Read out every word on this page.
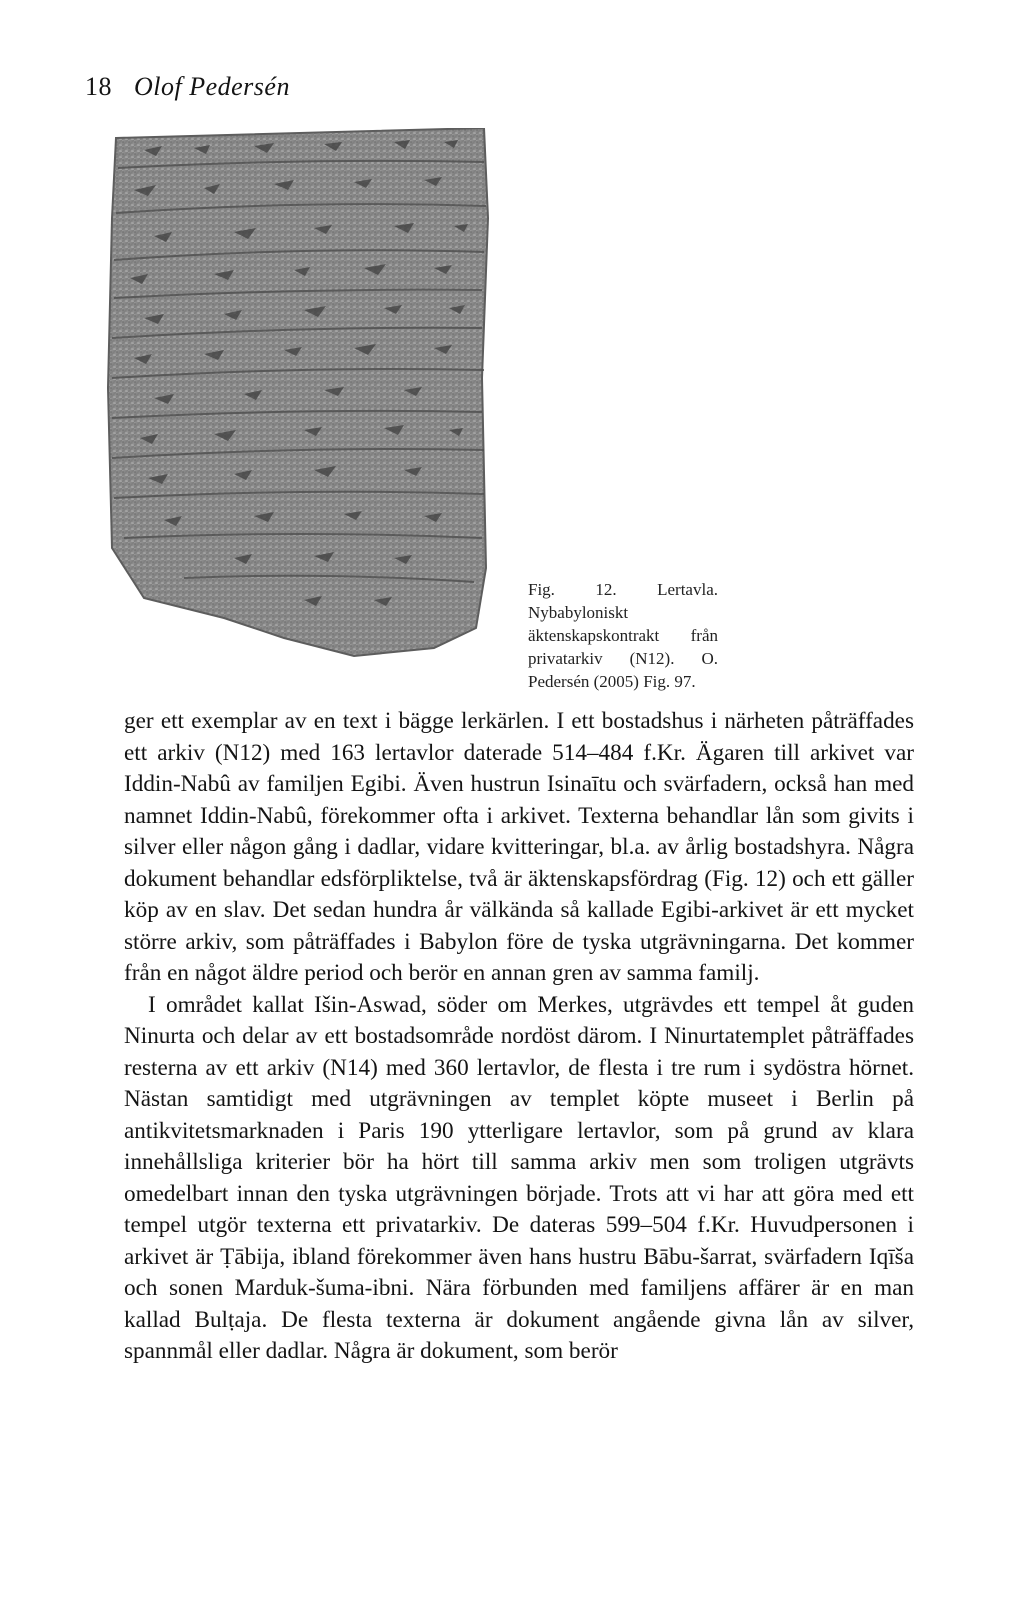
18 Olof Pedersén
Fig. 12. Lertavla. Nybabyloniskt äktenskapskontrakt från privatarkiv (N12). O. Pedersén (2005) Fig. 97.

ger ett exemplar av en text i bägge lerkärlen. I ett bostadshus i närheten påträffades ett arkiv (N12) med 163 lertavlor daterade 514–484 f.Kr. Ägaren till arkivet var Iddin-Nabû av familjen Egibi. Även hustrun Isinaītu och svärfadern, också han med namnet Iddin-Nabû, förekommer ofta i arkivet. Texterna behandlar lån som givits i silver eller någon gång i dadlar, vidare kvitteringar, bl.a. av årlig bostadshyra. Några dokument behandlar edsförpliktelse, två är äktenskapsfördrag (Fig. 12) och ett gäller köp av en slav. Det sedan hundra år välkända så kallade Egibi-arkivet är ett mycket större arkiv, som påträffades i Babylon före de tyska utgrävningarna. Det kommer från en något äldre period och berör en annan gren av samma familj.

I området kallat Išin-Aswad, söder om Merkes, utgrävdes ett tempel åt guden Ninurta och delar av ett bostadsområde nordöst därom. I Ninurtatemplet påträffades resterna av ett arkiv (N14) med 360 lertavlor, de flesta i tre rum i sydöstra hörnet. Nästan samtidigt med utgrävningen av templet köpte museet i Berlin på antikvitetsmarknaden i Paris 190 ytterligare lertavlor, som på grund av klara innehållsliga kriterier bör ha hört till samma arkiv men som troligen utgrävts omedelbart innan den tyska utgrävningen började. Trots att vi har att göra med ett tempel utgör texterna ett privatarkiv. De dateras 599–504 f.Kr. Huvudpersonen i arkivet är Ṭābija, ibland förekommer även hans hustru Bābu-šarrat, svärfadern Iqīša och sonen Marduk-šuma-ibni. Nära förbunden med familjens affärer är en man kallad Bulṭaja. De flesta texterna är dokument angående givna lån av silver, spannmål eller dadlar. Några är dokument, som berör
